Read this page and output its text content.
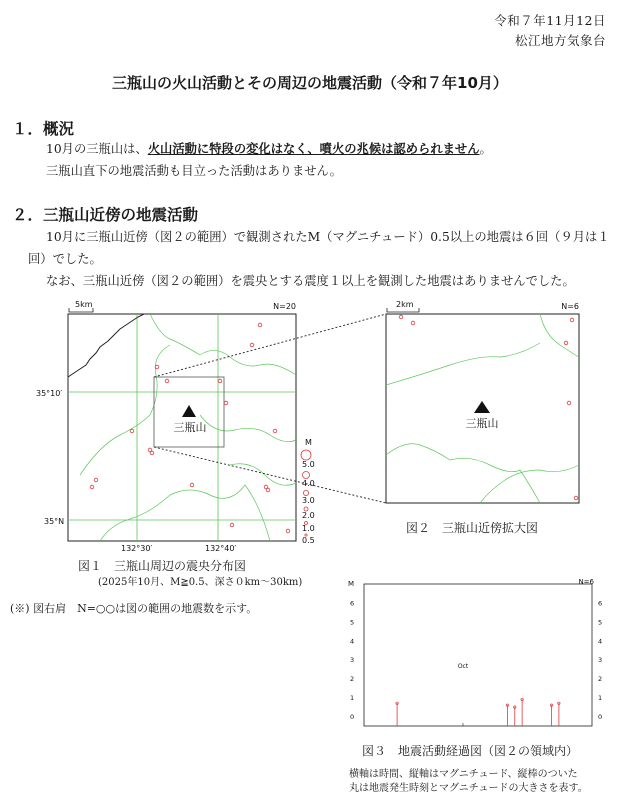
令和７年11月12日
松江地方気象台
三瓶山の火山活動とその周辺の地震活動（令和７年10月）
１．概況
10月の三瓶山は、火山活動に特段の変化はなく、噴火の兆候は認められません。
三瓶山直下の地震活動も目立った活動はありません。
２．三瓶山近傍の地震活動
10月に三瓶山近傍（図２の範囲）で観測されたM（マグニチュード）0.5以上の地震は６回（９月は１回）でした。
なお、三瓶山近傍（図２の範囲）を震央とする震度１以上を観測した地震はありませんでした。
三瓶山
5km	N=20
35°10′
35°N
132°30′	132°40′
M
5.0
4.0
3.0
2.0
1.0
0.5
三瓶山
2km	N=6
図２　三瓶山近傍拡大図
図１　三瓶山周辺の震央分布図
(2025年10月、M≧0.5、深さ０km～30km)
(※) 図右肩　N=○○は図の範囲の地震数を示す。
M	N=6
6	6
5	5
4	4
3	3
2	2
1	1
0	0
Oct
図３　地震活動経過図（図２の領域内）
横軸は時間、縦軸はマグニチュード、縦棒のついた
丸は地震発生時刻とマグニチュードの大きさを表す。
